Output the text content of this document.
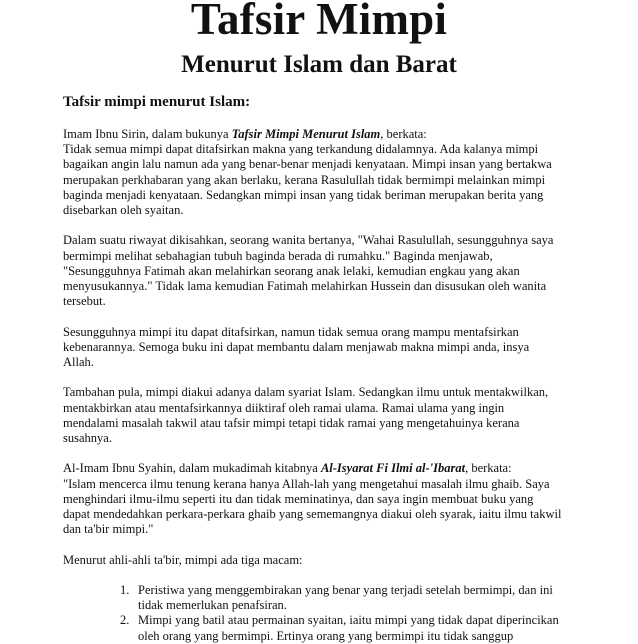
Tafsir Mimpi
Menurut Islam dan Barat
Tafsir mimpi menurut Islam:
Imam Ibnu Sirin, dalam bukunya Tafsir Mimpi Menurut Islam, berkata:
Tidak semua mimpi dapat ditafsirkan makna yang terkandung didalamnya. Ada kalanya mimpi
bagaikan angin lalu namun ada yang benar-benar menjadi kenyataan. Mimpi insan yang bertakwa
merupakan perkhabaran yang akan berlaku, kerana Rasulullah tidak bermimpi melainkan mimpi
baginda menjadi kenyataan. Sedangkan mimpi insan yang tidak beriman merupakan berita yang
disebarkan oleh syaitan.
Dalam suatu riwayat dikisahkan, seorang wanita bertanya, "Wahai Rasulullah, sesungguhnya saya
bermimpi melihat sebahagian tubuh baginda berada di rumahku." Baginda menjawab,
"Sesungguhnya Fatimah akan melahirkan seorang anak lelaki, kemudian engkau yang akan
menyusukannya." Tidak lama kemudian Fatimah melahirkan Hussein dan disusukan oleh wanita
tersebut.
Sesungguhnya mimpi itu dapat ditafsirkan, namun tidak semua orang mampu mentafsirkan
kebenarannya. Semoga buku ini dapat membantu dalam menjawab makna mimpi anda, insya
Allah.
Tambahan pula, mimpi diakui adanya dalam syariat Islam. Sedangkan ilmu untuk mentakwilkan,
mentakbirkan atau mentafsirkannya diiktiraf oleh ramai ulama. Ramai ulama yang ingin
mendalami masalah takwil atau tafsir mimpi tetapi tidak ramai yang mengetahuinya kerana
susahnya.
Al-Imam Ibnu Syahin, dalam mukadimah kitabnya Al-Isyarat Fi Ilmi al-'Ibarat, berkata:
"Islam mencerca ilmu tenung kerana hanya Allah-lah yang mengetahui masalah ilmu ghaib. Saya
menghindari ilmu-ilmu seperti itu dan tidak meminatinya, dan saya ingin membuat buku yang
dapat mendedahkan perkara-perkara ghaib yang sememangnya diakui oleh syarak, iaitu ilmu takwil
dan ta'bir mimpi."
Menurut ahli-ahli ta'bir, mimpi ada tiga macam:
1. Peristiwa yang menggembirakan yang benar yang terjadi setelah bermimpi, dan ini
tidak memerlukan penafsiran.
2. Mimpi yang batil atau permainan syaitan, iaitu mimpi yang tidak dapat diperincikan
oleh orang yang bermimpi. Ertinya orang yang bermimpi itu tidak sanggup
